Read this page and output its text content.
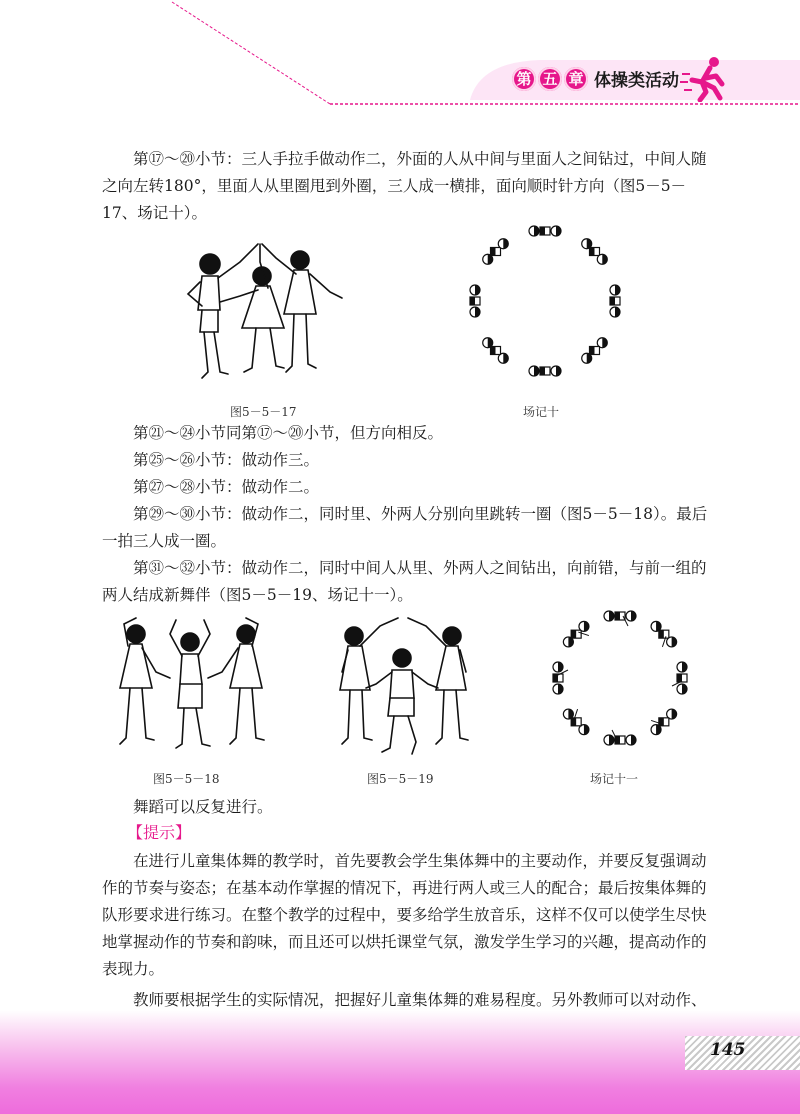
第 五 章 体操类活动

第⑰～⑳小节：三人手拉手做动作二，外面的人从中间与里面人之间钻过，中间人随之向左转180°，里面人从里圈甩到外圈，三人成一横排，面向顺时针方向（图5－5－17、场记十）。

图5－5－17	场记十

第㉑～㉔小节同第⑰～⑳小节，但方向相反。

第㉕～㉖小节：做动作三。

第㉗～㉘小节：做动作二。

第㉙～㉚小节：做动作二，同时里、外两人分别向里跳转一圈（图5－5－18）。最后一拍三人成一圈。

第㉛～㉜小节：做动作二，同时中间人从里、外两人之间钻出，向前错，与前一组的两人结成新舞伴（图5－5－19、场记十一）。

图5－5－18	图5－5－19	场记十一

舞蹈可以反复进行。

【提示】

在进行儿童集体舞的教学时，首先要教会学生集体舞中的主要动作，并要反复强调动作的节奏与姿态；在基本动作掌握的情况下，再进行两人或三人的配合；最后按集体舞的队形要求进行练习。在整个教学的过程中，要多给学生放音乐，这样不仅可以使学生尽快地掌握动作的节奏和韵味，而且还可以烘托课堂气氛，激发学生学习的兴趣，提高动作的表现力。

教师要根据学生的实际情况，把握好儿童集体舞的难易程度。另外教师可以对动作、

145
